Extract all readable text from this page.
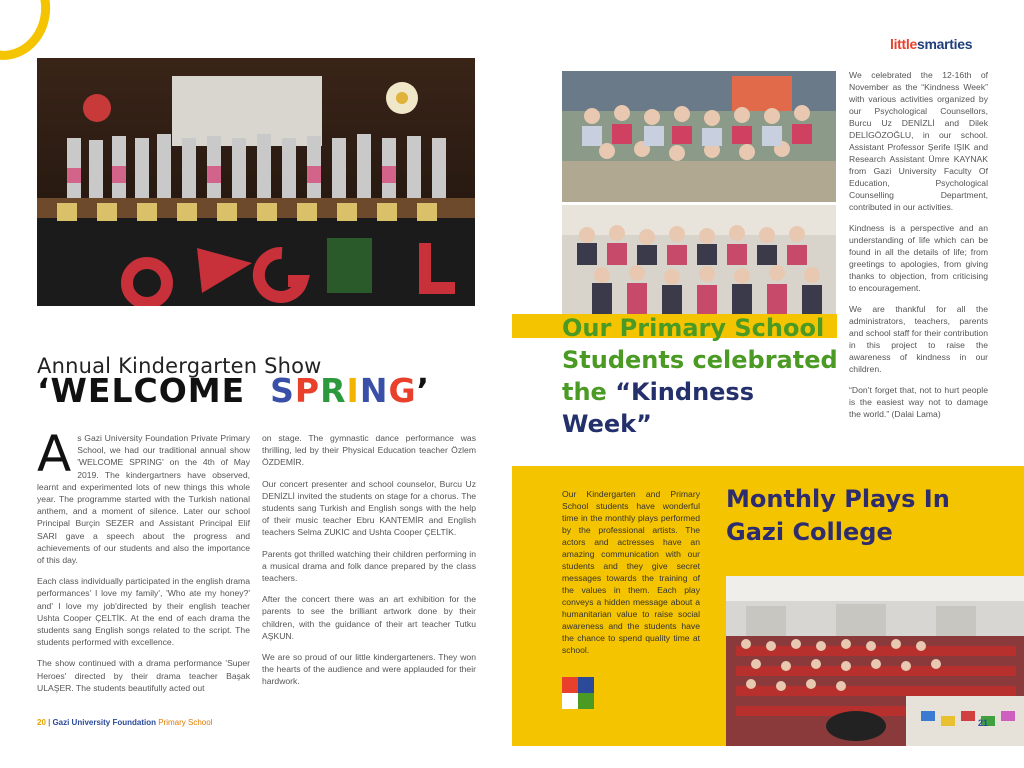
Annual Kindergarten Show
‘WELCOME  SPRING’

As Gazi University Foundation Private Primary School, we had our traditional annual show 'WELCOME SPRING' on the 4th of May 2019. The kindergartners have observed, learnt and experimented lots of new things this whole year. The programme started with the Turkish national anthem, and a moment of silence. Later our school Principal Burçin SEZER and Assistant Principal Elif SARI gave a speech about the progress and achievements of our students and also the importance of this day.

Each class individually participated in the english drama performances' I love my family', 'Who ate my honey?' and' I love my job'directed by their english teacher Ushta Cooper ÇELTİK. At the end of each drama the students sang English songs related to the script. The students performed with excellence.

The show continued with a drama performance 'Super Heroes' directed by their drama teacher Başak ULAŞER. The students beautifully acted out

on stage. The gymnastic dance performance was thrilling, led by their Physical Education teacher Özlem ÖZDEMİR.

Our concert presenter and school counselor, Burcu Uz DENİZLİ invited the students on stage for a chorus. The students sang Turkish and English songs with the help of their music teacher Ebru KANTEMİR and English teachers Selma ZUKIC and Ushta Cooper ÇELTİK.

Parents got thrilled watching their children performing in a musical drama and folk dance prepared by the class teachers.

After the concert there was an art exhibition for the parents to see the brilliant artwork done by their children, with the guidance of their art teacher Tutku AŞKUN.

We are so proud of our little kindergarteners. They won the hearts of the audience and were applauded for their hardwork.

20 | Gazi University Foundation Primary School
littlesmarties
Our Primary School Students celebrated the “Kindness Week”

We celebrated the 12-16th of November as the “Kindness Week” with various activities organized by our Psychological Counsellors, Burcu Uz DENİZLİ and Dilek DELİGÖZOĞLU, in our school. Assistant Professor Şerife IŞIK and Research Assistant Ümre KAYNAK from Gazi University Faculty Of Education, Psychological Counselling Department, contributed in our activities.

Kindness is a perspective and an understanding of life which can be found in all the details of life; from greetings to apologies, from giving thanks to objection, from criticising to encouragement.

We are thankful for all the administrators, teachers, parents and school staff for their contribution in this project to raise the awareness of kindness in our children.

“Don’t forget that, not to hurt people is the easiest way not to damage the world.” (Dalai Lama)

Our Kindergarten and Primary School students have wonderful time in the monthly plays performed by the professional artists. The actors and actresses have an amazing communication with our students and they give secret messages towards the training of the values in them. Each play conveys a hidden message about a humanitarian value to raise social awareness and the students have the chance to spend quality time at school.
Monthly Plays In Gazi College
21
